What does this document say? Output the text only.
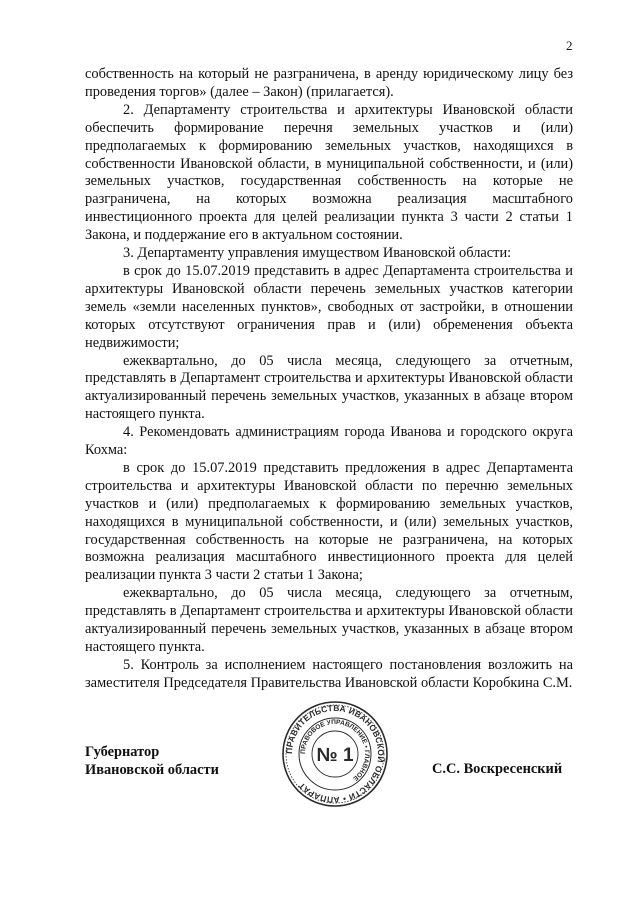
2

собственность на который не разграничена, в аренду юридическому лицу без проведения торгов» (далее – Закон) (прилагается).

2. Департаменту строительства и архитектуры Ивановской области обеспечить формирование перечня земельных участков и (или) предполагаемых к формированию земельных участков, находящихся в собственности Ивановской области, в муниципальной собственности, и (или) земельных участков, государственная собственность на которые не разграничена, на которых возможна реализация масштабного инвестиционного проекта для целей реализации пункта 3 части 2 статьи 1 Закона, и поддержание его в актуальном состоянии.

3. Департаменту управления имуществом Ивановской области:

в срок до 15.07.2019 представить в адрес Департамента строительства и архитектуры Ивановской области перечень земельных участков категории земель «земли населенных пунктов», свободных от застройки, в отношении которых отсутствуют ограничения прав и (или) обременения объекта недвижимости;

ежеквартально, до 05 числа месяца, следующего за отчетным, представлять в Департамент строительства и архитектуры Ивановской области актуализированный перечень земельных участков, указанных в абзаце втором настоящего пункта.

4. Рекомендовать администрациям города Иванова и городского округа Кохма:

в срок до 15.07.2019 представить предложения в адрес Департамента строительства и архитектуры Ивановской области по перечню земельных участков и (или) предполагаемых к формированию земельных участков, находящихся в муниципальной собственности, и (или) земельных участков, государственная собственность на которые не разграничена, на которых возможна реализация масштабного инвестиционного проекта для целей реализации пункта 3 части 2 статьи 1 Закона;

ежеквартально, до 05 числа месяца, следующего за отчетным, представлять в Департамент строительства и архитектуры Ивановской области актуализированный перечень земельных участков, указанных в абзаце втором настоящего пункта.

5. Контроль за исполнением настоящего постановления возложить на заместителя Председателя Правительства Ивановской области Коробкина С.М.

Губернатор
Ивановской области
ПРАВИТЕЛЬСТВА ИВАНОВСКОЙ ОБЛАСТИ • АППАРАТ
ПРАВОВОЕ УПРАВЛЕНИЕ • ГЛАВНОЕ
№ 1
С.С. Воскресенский
